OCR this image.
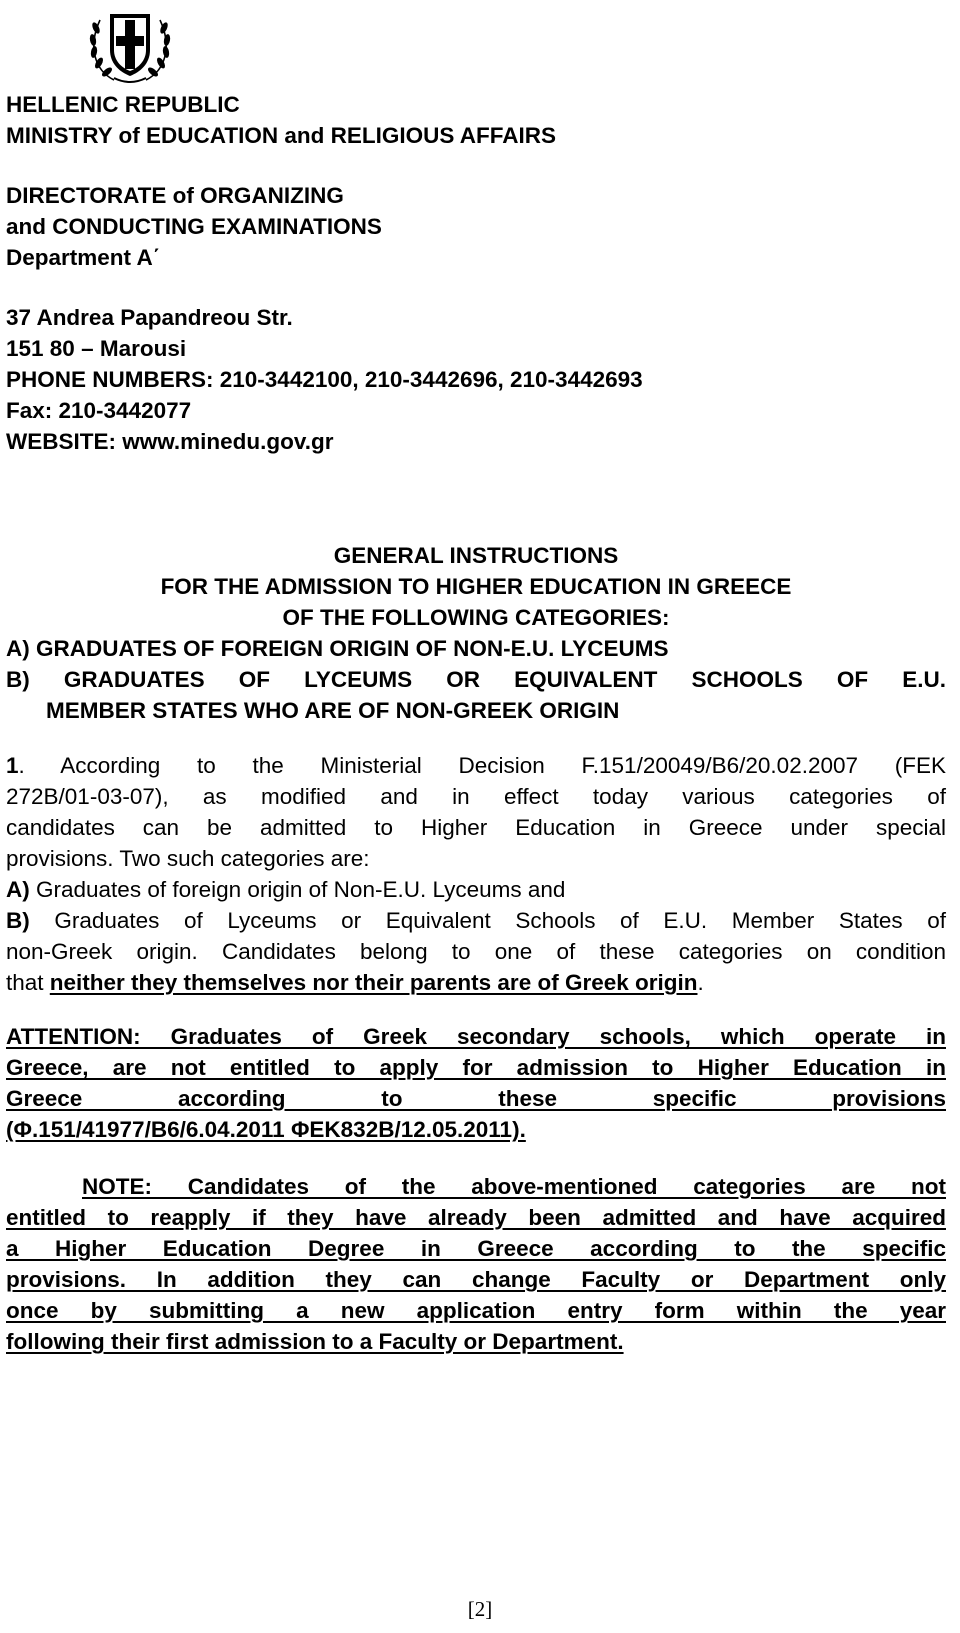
HELLENIC REPUBLIC
MINISTRY of EDUCATION and RELIGIOUS AFFAIRS
DIRECTORATE of ORGANIZING
and CONDUCTING EXAMINATIONS
Department A΄
37 Andrea Papandreou Str.
151 80 – Marousi
PHONE NUMBERS: 210-3442100, 210-3442696, 210-3442693
Fax: 210-3442077
WEBSITE: www.minedu.gov.gr
GENERAL INSTRUCTIONS
FOR THE ADMISSION TO HIGHER EDUCATION IN GREECE
OF THE FOLLOWING CATEGORIES:
A) GRADUATES OF FOREIGN ORIGIN OF NON-E.U. LYCEUMS
B) GRADUATES OF LYCEUMS OR EQUIVALENT SCHOOLS OF E.U.
MEMBER STATES WHO ARE OF NON-GREEK ORIGIN
1. According to the Ministerial Decision F.151/20049/B6/20.02.2007 (FEK
272B/01-03-07), as modified and in effect today various categories of
candidates can be admitted to Higher Education in Greece under special
provisions. Two such categories are:
A) Graduates of foreign origin of Non-E.U. Lyceums and
B) Graduates of Lyceums or Equivalent Schools of E.U. Member States of
non-Greek origin. Candidates belong to one of these categories on condition
that neither they themselves nor their parents are of Greek origin.
ATTENTION: Graduates of Greek secondary schools, which operate in
Greece, are not entitled to apply for admission to Higher Education in
Greece according to these specific provisions
(Φ.151/41977/Β6/6.04.2011 ΦΕΚ832Β/12.05.2011).
NOTE: Candidates of the above-mentioned categories are not
entitled to reapply if they have already been admitted and have acquired
a Higher Education Degree in Greece according to the specific
provisions. In addition they can change Faculty or Department only
once by submitting a new application entry form within the year
following their first admission to a Faculty or Department.
[2]
